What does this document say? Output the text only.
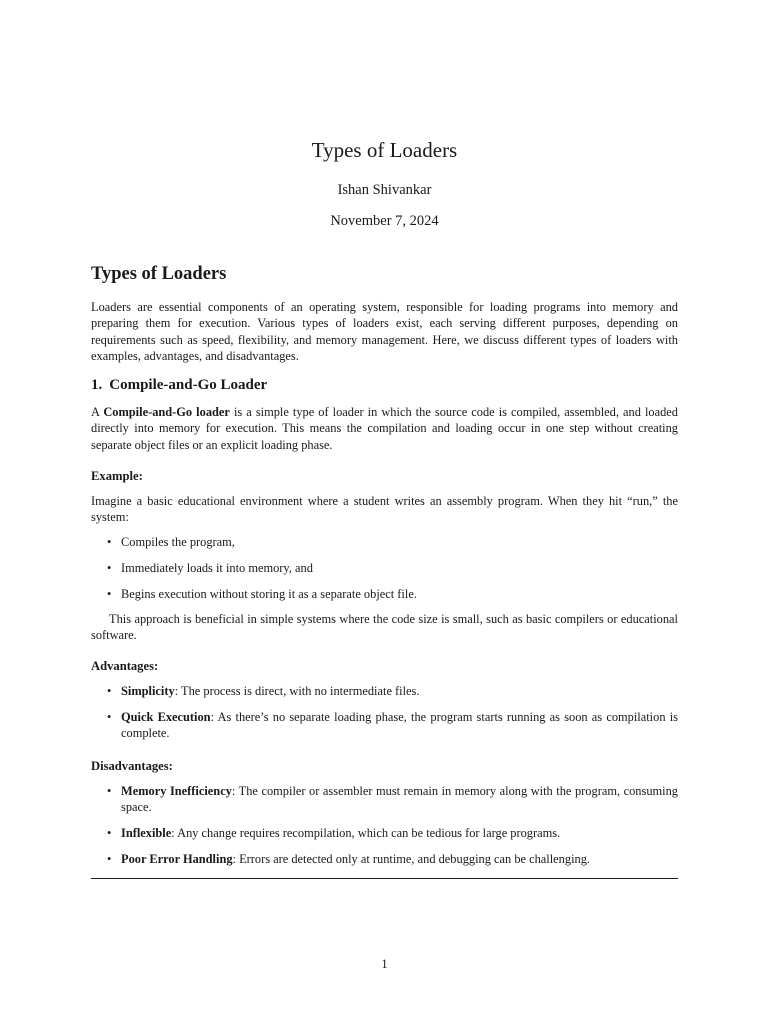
Types of Loaders
Ishan Shivankar
November 7, 2024
Types of Loaders

Loaders are essential components of an operating system, responsible for loading programs into memory and preparing them for execution. Various types of loaders exist, each serving different purposes, depending on requirements such as speed, flexibility, and memory management. Here, we discuss different types of loaders with examples, advantages, and disadvantages.

1. Compile-and-Go Loader

A Compile-and-Go loader is a simple type of loader in which the source code is compiled, assembled, and loaded directly into memory for execution. This means the compilation and loading occur in one step without creating separate object files or an explicit loading phase.

Example:

Imagine a basic educational environment where a student writes an assembly program. When they hit “run,” the system:

• Compiles the program,
• Immediately loads it into memory, and
• Begins execution without storing it as a separate object file.

This approach is beneficial in simple systems where the code size is small, such as basic compilers or educational software.

Advantages:
• Simplicity: The process is direct, with no intermediate files.
• Quick Execution: As there’s no separate loading phase, the program starts running as soon as compilation is complete.
Disadvantages:
• Memory Inefficiency: The compiler or assembler must remain in memory along with the program, consuming space.
• Inflexible: Any change requires recompilation, which can be tedious for large programs.
• Poor Error Handling: Errors are detected only at runtime, and debugging can be challenging.
1
